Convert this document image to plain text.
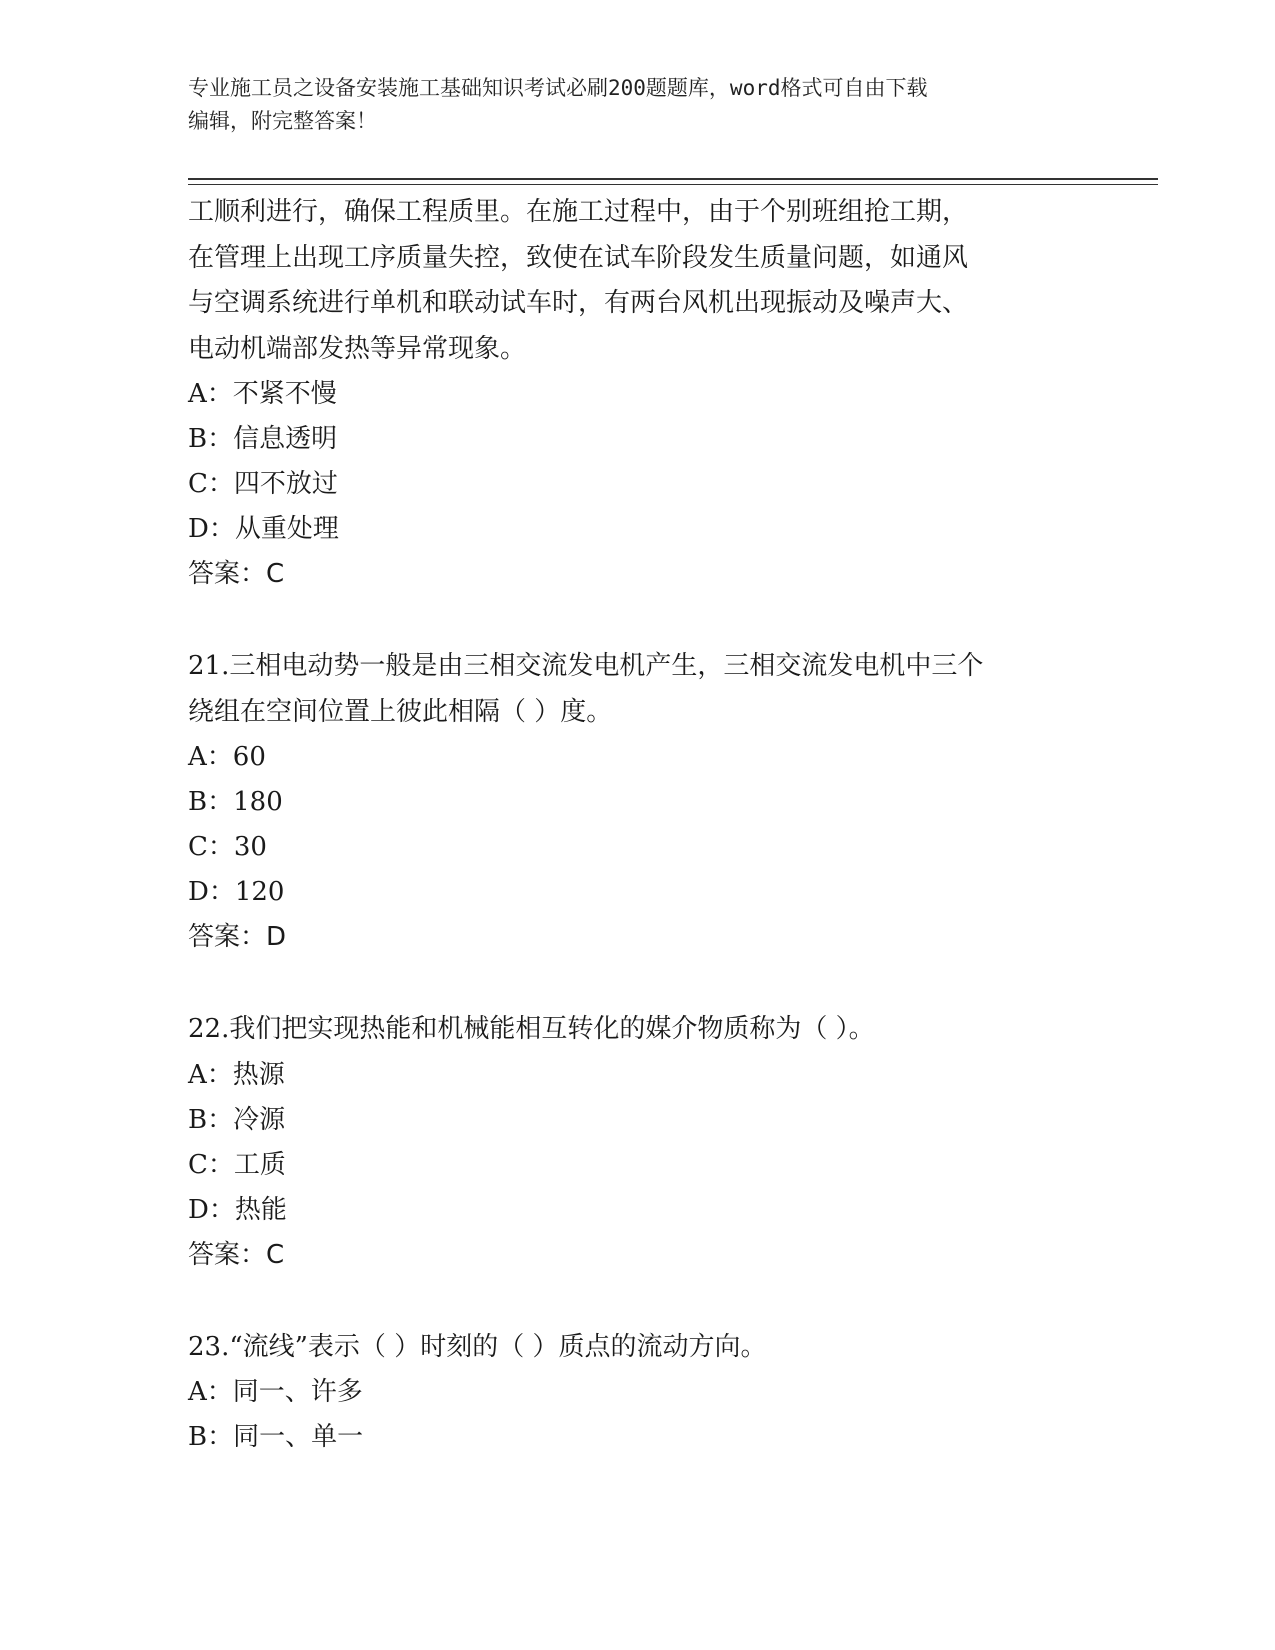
专业施工员之设备安装施工基础知识考试必刷200题题库，word格式可自由下载
编辑，附完整答案！

工顺利进行，确保工程质里。在施工过程中，由于个别班组抢工期，

在管理上出现工序质量失控，致使在试车阶段发生质量问题，如通风

与空调系统进行单机和联动试车时，有两台风机出现振动及噪声大、

电动机端部发热等异常现象。

A：不紧不慢

B：信息透明

C：四不放过

D：从重处理

答案：C

21.三相电动势一般是由三相交流发电机产生，三相交流发电机中三个

绕组在空间位置上彼此相隔（ ）度。

A：60

B：180

C：30

D：120

答案：D

22.我们把实现热能和机械能相互转化的媒介物质称为（ ）。

A：热源

B：冷源

C：工质

D：热能

答案：C

23.“流线”表示（ ）时刻的（ ）质点的流动方向。

A：同一、许多

B：同一、单一
